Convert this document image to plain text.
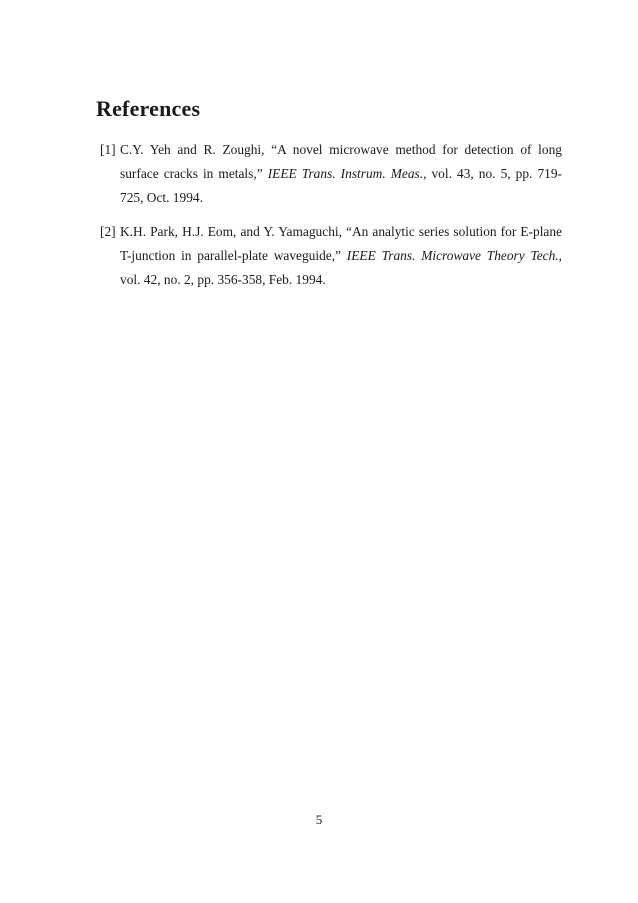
References
[1] C.Y. Yeh and R. Zoughi, “A novel microwave method for detection of long surface cracks in metals,” IEEE Trans. Instrum. Meas., vol. 43, no. 5, pp. 719-725, Oct. 1994.
[2] K.H. Park, H.J. Eom, and Y. Yamaguchi, “An analytic series solution for E-plane T-junction in parallel-plate waveguide,” IEEE Trans. Microwave Theory Tech., vol. 42, no. 2, pp. 356-358, Feb. 1994.
5
